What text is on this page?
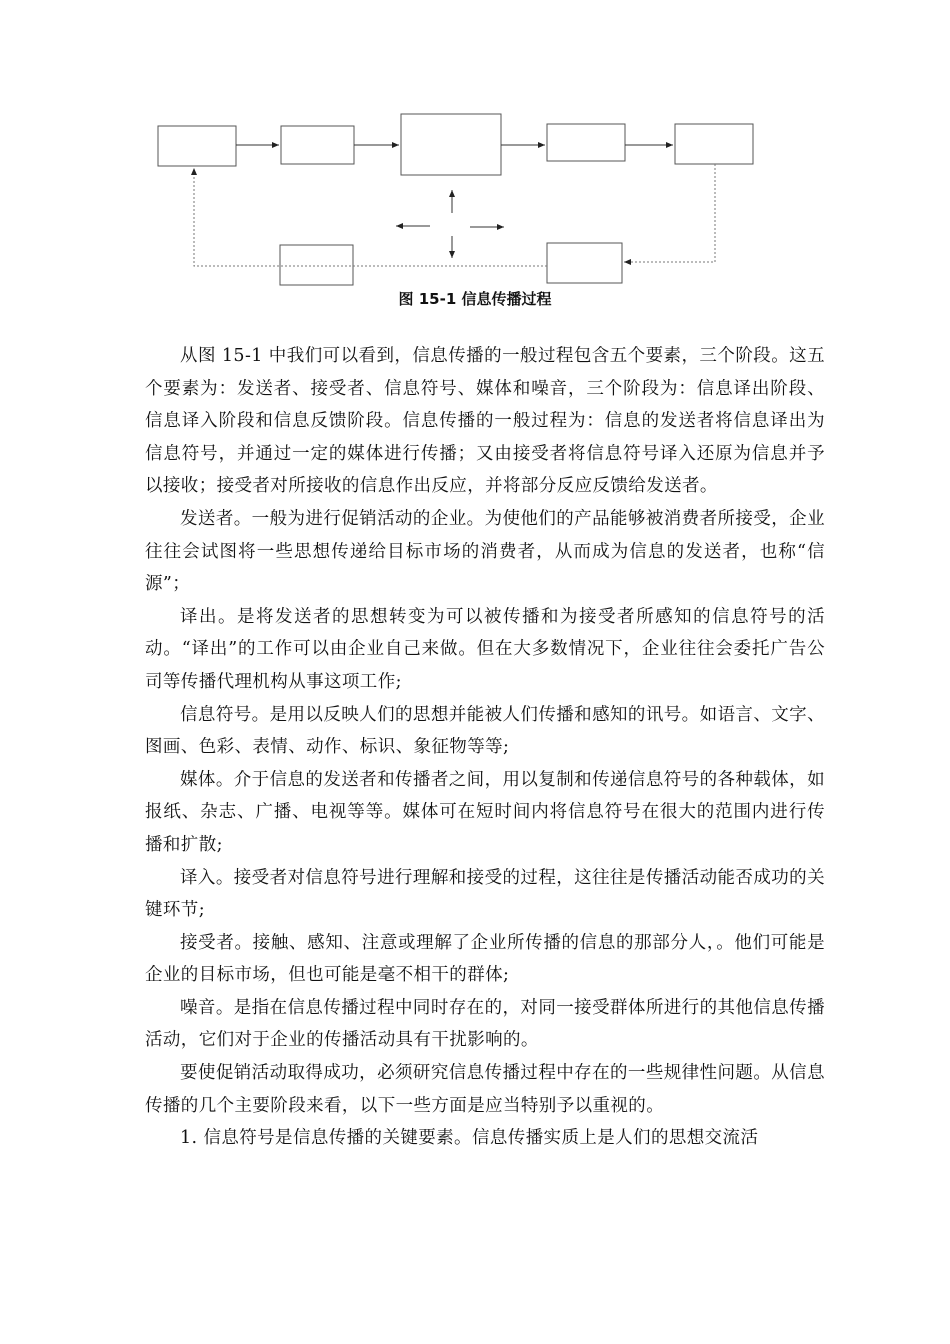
图 15-1 信息传播过程

从图 15-1 中我们可以看到，信息传播的一般过程包含五个要素，三个阶段。这五个要素为：发送者、接受者、信息符号、媒体和噪音，三个阶段为：信息译出阶段、信息译入阶段和信息反馈阶段。信息传播的一般过程为：信息的发送者将信息译出为信息符号，并通过一定的媒体进行传播；又由接受者将信息符号译入还原为信息并予以接收；接受者对所接收的信息作出反应，并将部分反应反馈给发送者。

发送者。一般为进行促销活动的企业。为使他们的产品能够被消费者所接受，企业往往会试图将一些思想传递给目标市场的消费者，从而成为信息的发送者，也称“信源”；

译出。是将发送者的思想转变为可以被传播和为接受者所感知的信息符号的活动。“译出”的工作可以由企业自己来做。但在大多数情况下，企业往往会委托广告公司等传播代理机构从事这项工作;

信息符号。是用以反映人们的思想并能被人们传播和感知的讯号。如语言、文字、图画、色彩、表情、动作、标识、象征物等等;

媒体。介于信息的发送者和传播者之间，用以复制和传递信息符号的各种载体，如报纸、杂志、广播、电视等等。媒体可在短时间内将信息符号在很大的范围内进行传播和扩散;

译入。接受者对信息符号进行理解和接受的过程，这往往是传播活动能否成功的关键环节;

接受者。接触、感知、注意或理解了企业所传播的信息的那部分人，。他们可能是企业的目标市场，但也可能是毫不相干的群体;

噪音。是指在信息传播过程中同时存在的，对同一接受群体所进行的其他信息传播活动，它们对于企业的传播活动具有干扰影响的。

要使促销活动取得成功，必须研究信息传播过程中存在的一些规律性问题。从信息传播的几个主要阶段来看，以下一些方面是应当特别予以重视的。

1. 信息符号是信息传播的关键要素。信息传播实质上是人们的思想交流活
